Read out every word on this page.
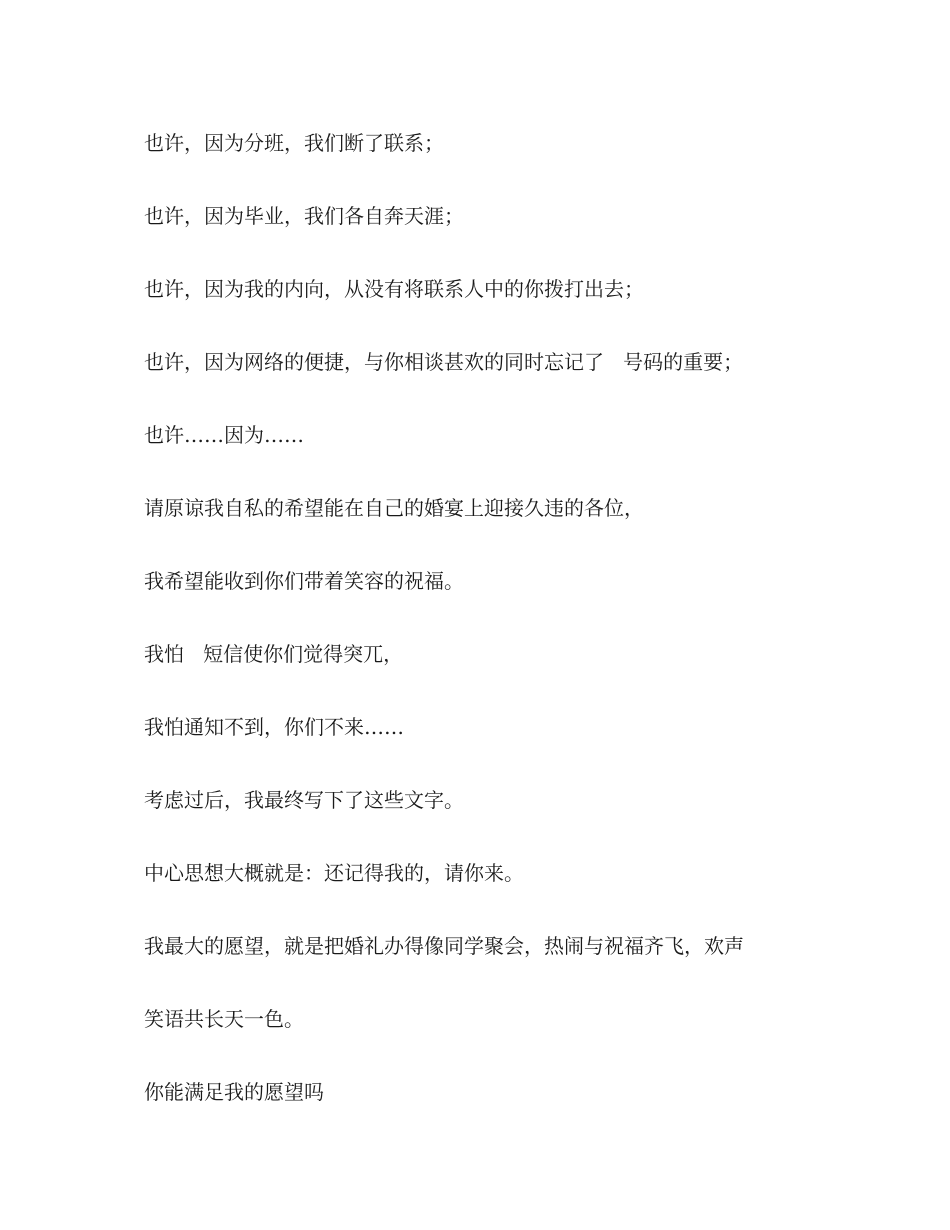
也许，因为分班，我们断了联系；

也许，因为毕业，我们各自奔天涯；

也许，因为我的内向，从没有将联系人中的你拨打出去；

也许，因为网络的便捷，与你相谈甚欢的同时忘记了   号码的重要；

也许……因为……

请原谅我自私的希望能在自己的婚宴上迎接久违的各位，

我希望能收到你们带着笑容的祝福。

我怕   短信使你们觉得突兀，

我怕通知不到，你们不来……

考虑过后，我最终写下了这些文字。

中心思想大概就是：还记得我的，请你来。

我最大的愿望，就是把婚礼办得像同学聚会，热闹与祝福齐飞，欢声

笑语共长天一色。

你能满足我的愿望吗
